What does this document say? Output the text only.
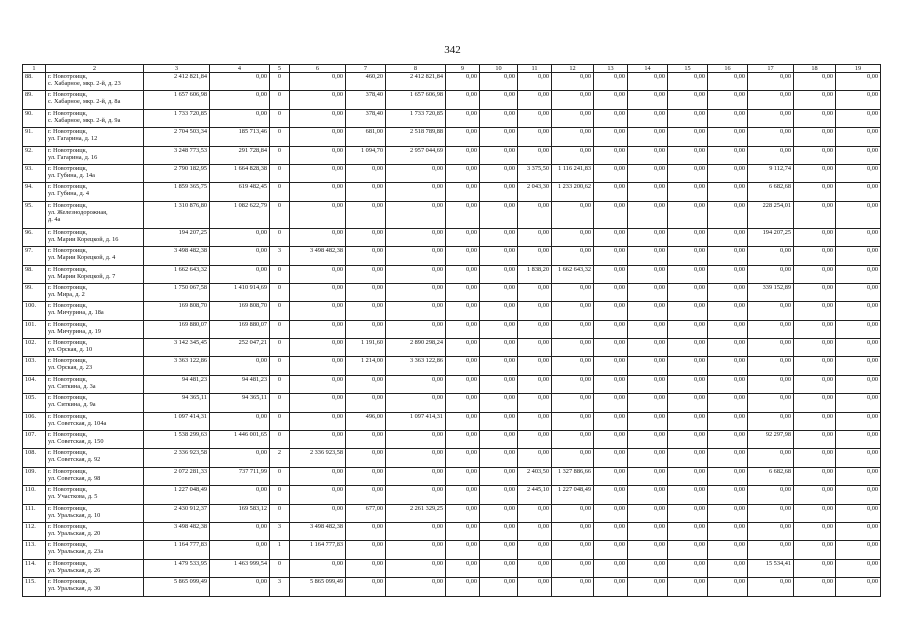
342
1	2	3	4	5	6	7	8	9	10	11	12	13	14	15	16	17	18	19
88.	г. Новотроицк,
с. Хабарное, мкр. 2-й, д. 23	2 412 821,84	0,00	0	0,00	460,20	2 412 821,84	0,00	0,00	0,00	0,00	0,00	0,00	0,00	0,00	0,00	0,00	0,00
89.	г. Новотроицк,
с. Хабарное, мкр. 2-й, д. 8а	1 657 606,98	0,00	0	0,00	378,40	1 657 606,98	0,00	0,00	0,00	0,00	0,00	0,00	0,00	0,00	0,00	0,00	0,00
90.	г. Новотроицк,
с. Хабарное, мкр. 2-й, д. 9а	1 733 720,85	0,00	0	0,00	378,40	1 733 720,85	0,00	0,00	0,00	0,00	0,00	0,00	0,00	0,00	0,00	0,00	0,00
91.	г. Новотроицк,
ул. Гагарина, д. 12	2 704 503,34	185 713,46	0	0,00	681,00	2 518 789,88	0,00	0,00	0,00	0,00	0,00	0,00	0,00	0,00	0,00	0,00	0,00
92.	г. Новотроицк,
ул. Гагарина, д. 16	3 248 773,53	291 728,84	0	0,00	1 094,70	2 957 044,69	0,00	0,00	0,00	0,00	0,00	0,00	0,00	0,00	0,00	0,00	0,00
93.	г. Новотроицк,
ул. Губина, д. 14а	2 790 182,95	1 664 828,38	0	0,00	0,00	0,00	0,00	0,00	3 375,50	1 116 241,83	0,00	0,00	0,00	0,00	9 112,74	0,00	0,00
94.	г. Новотроицк,
ул. Губина, д. 4	1 859 365,75	619 482,45	0	0,00	0,00	0,00	0,00	0,00	2 043,30	1 233 200,62	0,00	0,00	0,00	0,00	6 682,68	0,00	0,00
95.	г. Новотроицк,
ул. Железнодорожная,
д. 4а	1 310 876,80	1 082 622,79	0	0,00	0,00	0,00	0,00	0,00	0,00	0,00	0,00	0,00	0,00	0,00	228 254,01	0,00	0,00
96.	г. Новотроицк,
ул. Марии Корецкой, д. 16	194 207,25	0,00	0	0,00	0,00	0,00	0,00	0,00	0,00	0,00	0,00	0,00	0,00	0,00	194 207,25	0,00	0,00
97.	г. Новотроицк,
ул. Марии Корецкой, д. 4	3 498 482,38	0,00	3	3 498 482,38	0,00	0,00	0,00	0,00	0,00	0,00	0,00	0,00	0,00	0,00	0,00	0,00	0,00
98.	г. Новотроицк,
ул. Марии Корецкой, д. 7	1 662 643,32	0,00	0	0,00	0,00	0,00	0,00	0,00	1 838,20	1 662 643,32	0,00	0,00	0,00	0,00	0,00	0,00	0,00
99.	г. Новотроицк,
ул. Мира, д. 2	1 750 067,58	1 410 914,69	0	0,00	0,00	0,00	0,00	0,00	0,00	0,00	0,00	0,00	0,00	0,00	339 152,89	0,00	0,00
100.	г. Новотроицк,
ул. Мичурина, д. 18а	169 808,70	169 808,70	0	0,00	0,00	0,00	0,00	0,00	0,00	0,00	0,00	0,00	0,00	0,00	0,00	0,00	0,00
101.	г. Новотроицк,
ул. Мичурина, д. 19	169 880,07	169 880,07	0	0,00	0,00	0,00	0,00	0,00	0,00	0,00	0,00	0,00	0,00	0,00	0,00	0,00	0,00
102.	г. Новотроицк,
ул. Орская, д. 10	3 142 345,45	252 047,21	0	0,00	1 191,60	2 890 298,24	0,00	0,00	0,00	0,00	0,00	0,00	0,00	0,00	0,00	0,00	0,00
103.	г. Новотроицк,
ул. Орская, д. 23	3 363 122,86	0,00	0	0,00	1 214,00	3 363 122,86	0,00	0,00	0,00	0,00	0,00	0,00	0,00	0,00	0,00	0,00	0,00
104.	г. Новотроицк,
ул. Ситкина, д. 3а	94 481,23	94 481,23	0	0,00	0,00	0,00	0,00	0,00	0,00	0,00	0,00	0,00	0,00	0,00	0,00	0,00	0,00
105.	г. Новотроицк,
ул. Ситкина, д. 9а	94 365,11	94 365,11	0	0,00	0,00	0,00	0,00	0,00	0,00	0,00	0,00	0,00	0,00	0,00	0,00	0,00	0,00
106.	г. Новотроицк,
ул. Советская, д. 104а	1 097 414,31	0,00	0	0,00	496,00	1 097 414,31	0,00	0,00	0,00	0,00	0,00	0,00	0,00	0,00	0,00	0,00	0,00
107.	г. Новотроицк,
ул. Советская, д. 150	1 538 299,63	1 446 001,65	0	0,00	0,00	0,00	0,00	0,00	0,00	0,00	0,00	0,00	0,00	0,00	92 297,98	0,00	0,00
108.	г. Новотроицк,
ул. Советская, д. 92	2 336 923,58	0,00	2	2 336 923,58	0,00	0,00	0,00	0,00	0,00	0,00	0,00	0,00	0,00	0,00	0,00	0,00	0,00
109.	г. Новотроицк,
ул. Советская, д. 98	2 072 281,33	737 711,99	0	0,00	0,00	0,00	0,00	0,00	2 403,50	1 327 886,66	0,00	0,00	0,00	0,00	6 682,68	0,00	0,00
110.	г. Новотроицк,
ул. Участкова, д. 5	1 227 048,49	0,00	0	0,00	0,00	0,00	0,00	0,00	2 445,10	1 227 048,49	0,00	0,00	0,00	0,00	0,00	0,00	0,00
111.	г. Новотроицк,
ул. Уральская, д. 10	2 430 912,37	169 583,12	0	0,00	677,00	2 261 329,25	0,00	0,00	0,00	0,00	0,00	0,00	0,00	0,00	0,00	0,00	0,00
112.	г. Новотроицк,
ул. Уральская, д. 20	3 498 482,38	0,00	3	3 498 482,38	0,00	0,00	0,00	0,00	0,00	0,00	0,00	0,00	0,00	0,00	0,00	0,00	0,00
113.	г. Новотроицк,
ул. Уральская, д. 23а	1 164 777,83	0,00	1	1 164 777,83	0,00	0,00	0,00	0,00	0,00	0,00	0,00	0,00	0,00	0,00	0,00	0,00	0,00
114.	г. Новотроицк,
ул. Уральская, д. 26	1 479 533,95	1 463 999,54	0	0,00	0,00	0,00	0,00	0,00	0,00	0,00	0,00	0,00	0,00	0,00	15 534,41	0,00	0,00
115.	г. Новотроицк,
ул. Уральская, д. 30	5 865 099,49	0,00	3	5 865 099,49	0,00	0,00	0,00	0,00	0,00	0,00	0,00	0,00	0,00	0,00	0,00	0,00	0,00
